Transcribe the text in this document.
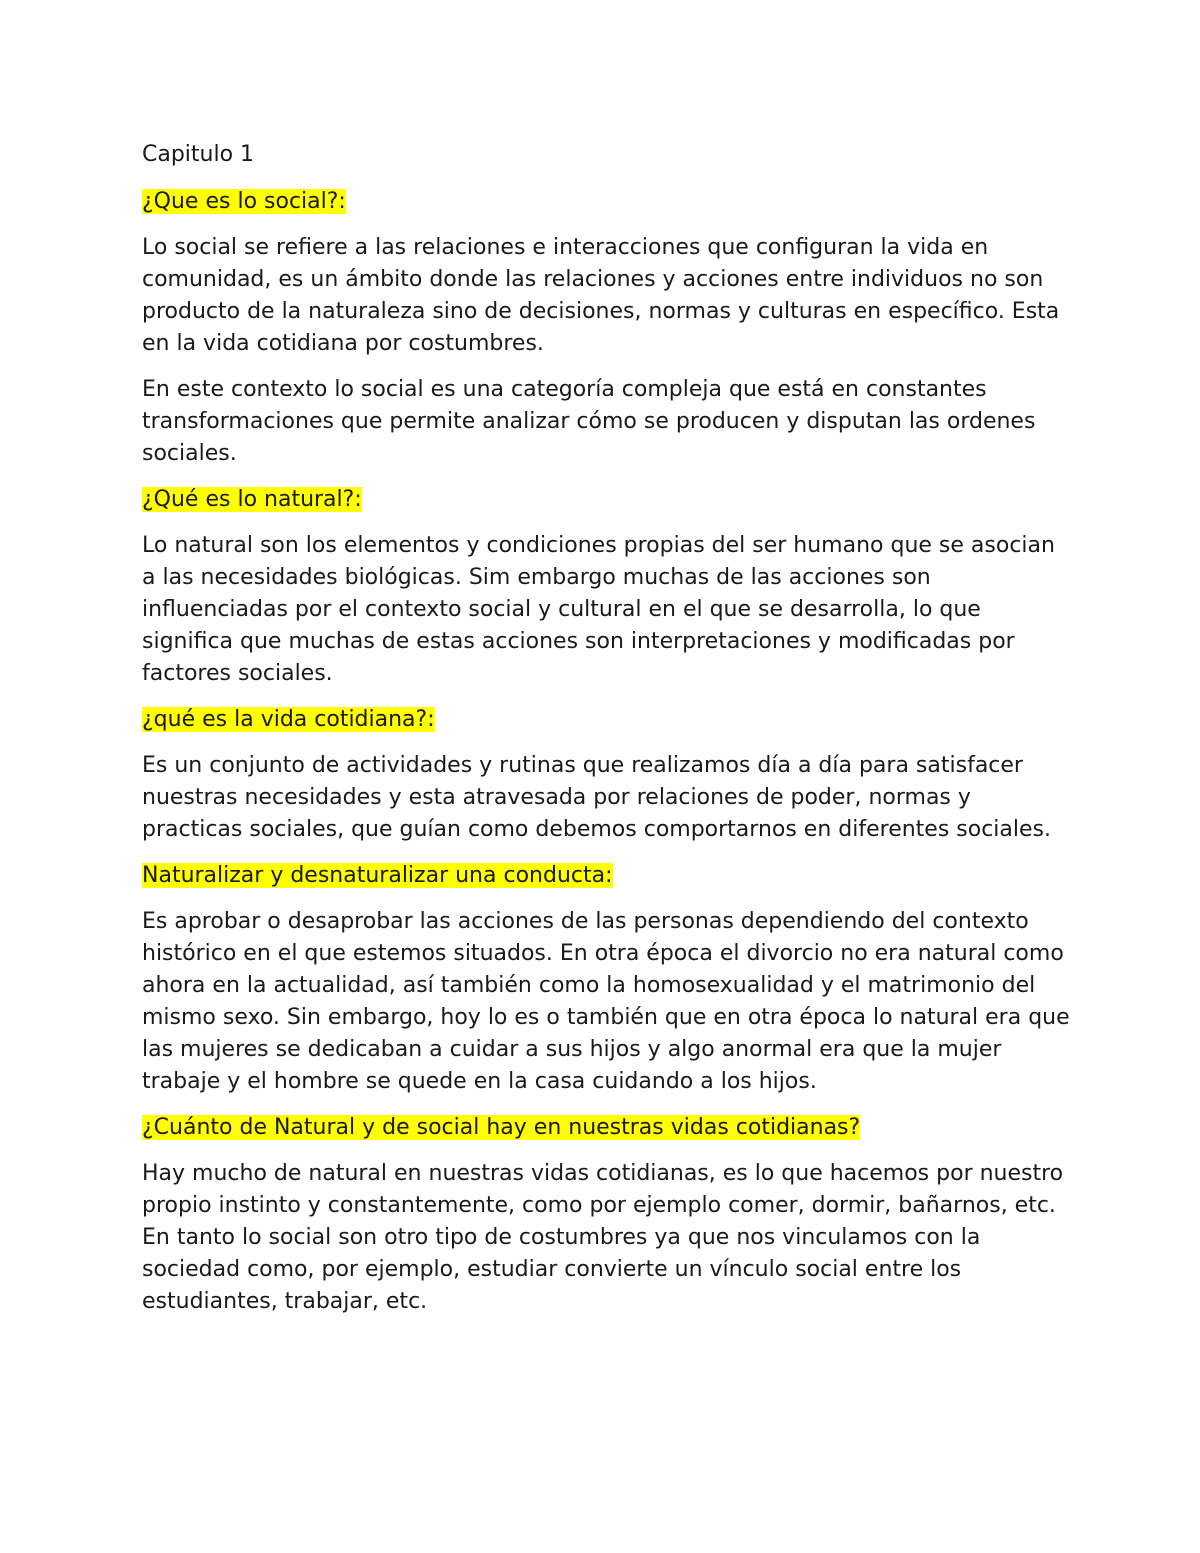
Capitulo 1

¿Que es lo social?:

Lo social se refiere a las relaciones e interacciones que configuran la vida en comunidad, es un ámbito donde las relaciones y acciones entre individuos no son producto de la naturaleza sino de decisiones, normas y culturas en específico. Esta en la vida cotidiana por costumbres.

En este contexto lo social es una categoría compleja que está en constantes transformaciones que permite analizar cómo se producen y disputan las ordenes sociales.

¿Qué es lo natural?:

Lo natural son los elementos y condiciones propias del ser humano que se asocian a las necesidades biológicas. Sim embargo muchas de las acciones son influenciadas por el contexto social y cultural en el que se desarrolla, lo que significa que muchas de estas acciones son interpretaciones y modificadas por factores sociales.

¿qué es la vida cotidiana?:

Es un conjunto de actividades y rutinas que realizamos día a día para satisfacer nuestras necesidades y esta atravesada por relaciones de poder, normas y practicas sociales, que guían como debemos comportarnos en diferentes sociales.

Naturalizar y desnaturalizar una conducta:

Es aprobar o desaprobar las acciones de las personas dependiendo del contexto histórico en el que estemos situados. En otra época el divorcio no era natural como ahora en la actualidad, así también como la homosexualidad y el matrimonio del mismo sexo. Sin embargo, hoy lo es o también que en otra época lo natural era que las mujeres se dedicaban a cuidar a sus hijos y algo anormal era que la mujer trabaje y el hombre se quede en la casa cuidando a los hijos.

¿Cuánto de Natural y de social hay en nuestras vidas cotidianas?

Hay mucho de natural en nuestras vidas cotidianas, es lo que hacemos por nuestro propio instinto y constantemente, como por ejemplo comer, dormir, bañarnos, etc. En tanto lo social son otro tipo de costumbres ya que nos vinculamos con la sociedad como, por ejemplo, estudiar convierte un vínculo social entre los estudiantes, trabajar, etc.
